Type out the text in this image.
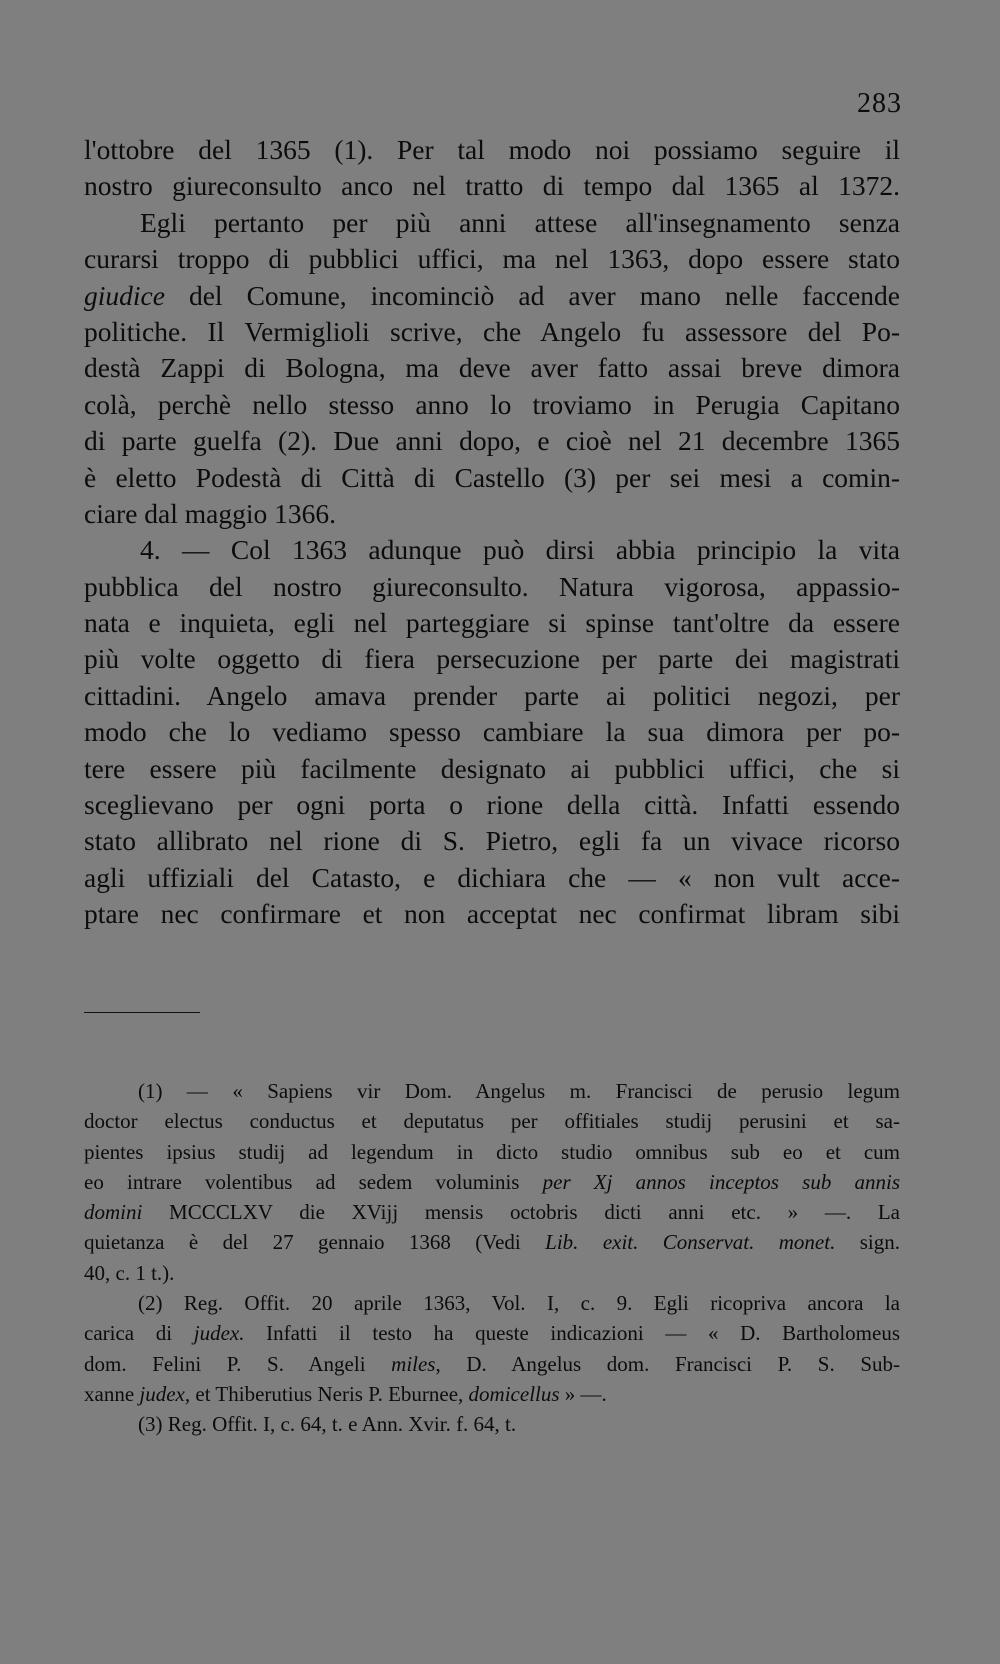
283
l'ottobre del 1365 (1). Per tal modo noi possiamo seguire il
nostro giureconsulto anco nel tratto di tempo dal 1365 al 1372.
Egli pertanto per più anni attese all'insegnamento senza
curarsi troppo di pubblici uffici, ma nel 1363, dopo essere stato
giudice del Comune, incominciò ad aver mano nelle faccende
politiche. Il Vermiglioli scrive, che Angelo fu assessore del Po-
destà Zappi di Bologna, ma deve aver fatto assai breve dimora
colà, perchè nello stesso anno lo troviamo in Perugia Capitano
di parte guelfa (2). Due anni dopo, e cioè nel 21 decembre 1365
è eletto Podestà di Città di Castello (3) per sei mesi a comin-
ciare dal maggio 1366.
4. — Col 1363 adunque può dirsi abbia principio la vita
pubblica del nostro giureconsulto. Natura vigorosa, appassio-
nata e inquieta, egli nel parteggiare si spinse tant'oltre da essere
più volte oggetto di fiera persecuzione per parte dei magistrati
cittadini. Angelo amava prender parte ai politici negozi, per
modo che lo vediamo spesso cambiare la sua dimora per po-
tere essere più facilmente designato ai pubblici uffici, che si
sceglievano per ogni porta o rione della città. Infatti essendo
stato allibrato nel rione di S. Pietro, egli fa un vivace ricorso
agli uffiziali del Catasto, e dichiara che — « non vult acce-
ptare nec confirmare et non acceptat nec confirmat libram sibi
(1) — « Sapiens vir Dom. Angelus m. Francisci de perusio legum
doctor electus conductus et deputatus per offitiales studij perusini et sa-
pientes ipsius studij ad legendum in dicto studio omnibus sub eo et cum
eo intrare volentibus ad sedem voluminis per Xj annos inceptos sub annis
domini MCCCLXV die XVijj mensis octobris dicti anni etc. » —. La
quietanza è del 27 gennaio 1368 (Vedi Lib. exit. Conservat. monet. sign.
40, c. 1 t.).
(2) Reg. Offit. 20 aprile 1363, Vol. I, c. 9. Egli ricopriva ancora la
carica di judex. Infatti il testo ha queste indicazioni — « D. Bartholomeus
dom. Felini P. S. Angeli miles, D. Angelus dom. Francisci P. S. Sub-
xanne judex, et Thiberutius Neris P. Eburnee, domicellus » —.
(3) Reg. Offit. I, c. 64, t. e Ann. Xvir. f. 64, t.
